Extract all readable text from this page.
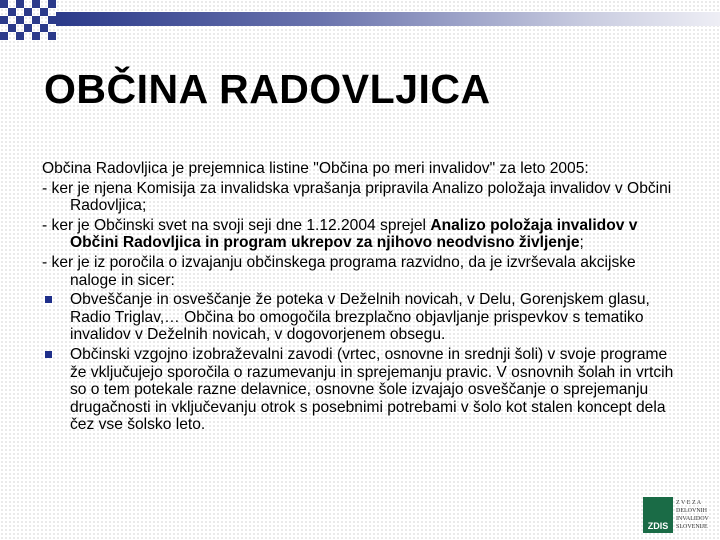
OBČINA RADOVLJICA

Občina Radovljica je prejemnica listine "Občina po meri invalidov" za leto 2005:

- ker je njena Komisija za invalidska vprašanja pripravila Analizo položaja invalidov v Občini Radovljica;

- ker je Občinski svet na svoji seji dne 1.12.2004 sprejel Analizo položaja invalidov v Občini Radovljica in program ukrepov za njihovo neodvisno življenje;

- ker je iz poročila o izvajanju občinskega programa razvidno, da je izvrševala akcijske naloge in sicer:

Obveščanje in osveščanje že poteka v Deželnih novicah, v Delu, Gorenjskem glasu, Radio Triglav,… Občina bo omogočila brezplačno objavljanje prispevkov s tematiko invalidov v Deželnih novicah, v dogovorjenem obsegu.
Občinski vzgojno izobraževalni zavodi (vrtec, osnovne in srednji šoli) v svoje programe že vključujejo sporočila o razumevanju in sprejemanju pravic. V osnovnih šolah in vrtcih so o tem potekale razne delavnice, osnovne šole izvajajo osveščanje o sprejemanju drugačnosti in vključevanju otrok s posebnimi potrebami v šolo kot stalen koncept dela čez vse šolsko leto.
ZDIS
Z V E Z A
DELOVNIH
INVALIDOV
SLOVENIJE
